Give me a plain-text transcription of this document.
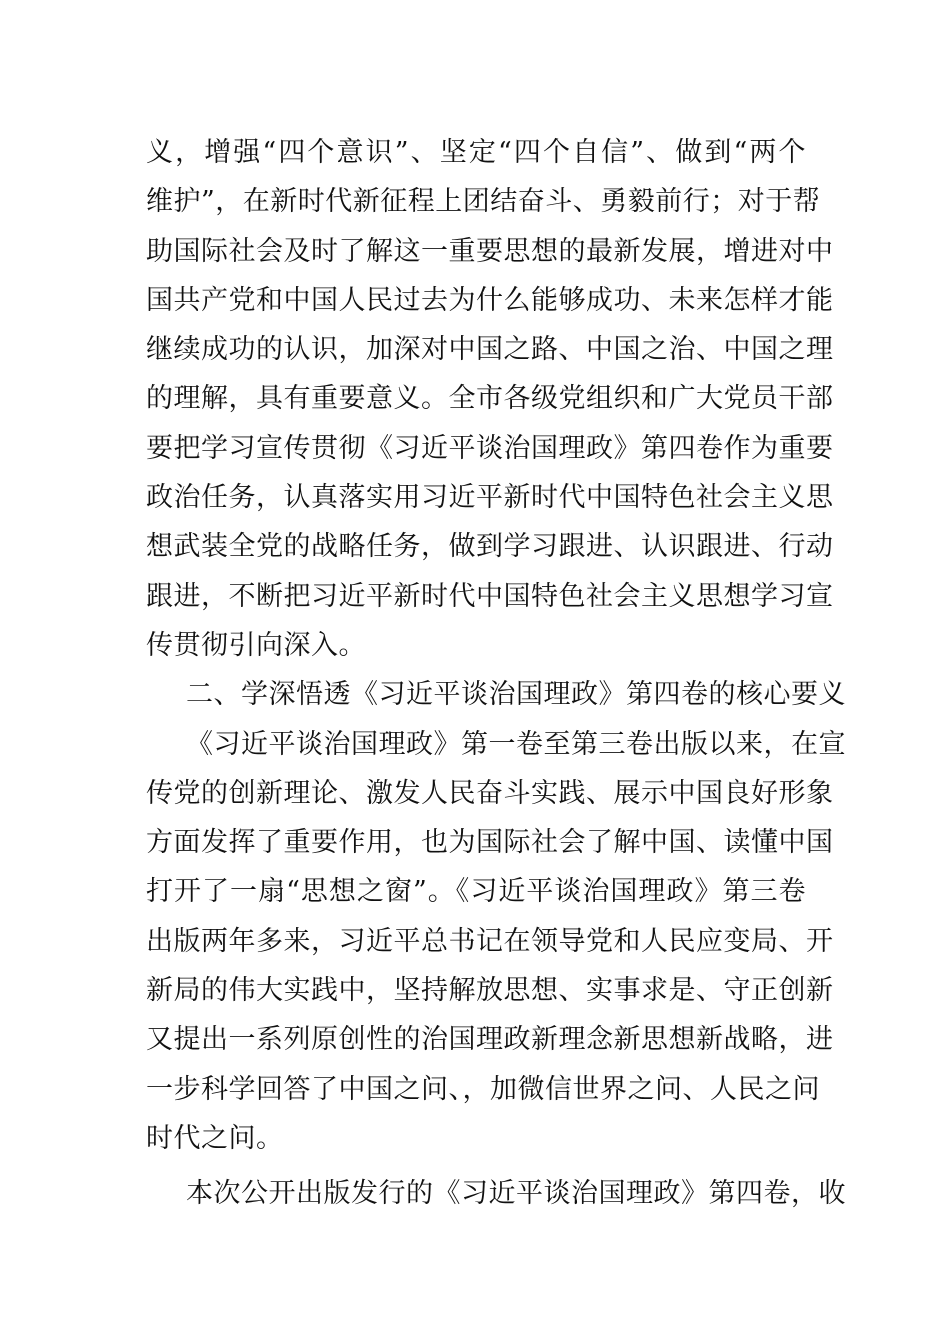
义，增强“四个意识”、坚定“四个自信”、做到“两个
维护”，在新时代新征程上团结奋斗、勇毅前行；对于帮
助国际社会及时了解这一重要思想的最新发展，增进对中
国共产党和中国人民过去为什么能够成功、未来怎样才能
继续成功的认识，加深对中国之路、中国之治、中国之理
的理解，具有重要意义。全市各级党组织和广大党员干部
要把学习宣传贯彻《习近平谈治国理政》第四卷作为重要
政治任务，认真落实用习近平新时代中国特色社会主义思
想武装全党的战略任务，做到学习跟进、认识跟进、行动
跟进，不断把习近平新时代中国特色社会主义思想学习宣
传贯彻引向深入。
二、学深悟透《习近平谈治国理政》第四卷的核心要义
《习近平谈治国理政》第一卷至第三卷出版以来，在宣
传党的创新理论、激发人民奋斗实践、展示中国良好形象
方面发挥了重要作用，也为国际社会了解中国、读懂中国
打开了一扇“思想之窗”。《习近平谈治国理政》第三卷
出版两年多来，习近平总书记在领导党和人民应变局、开
新局的伟大实践中，坚持解放思想、实事求是、守正创新
又提出一系列原创性的治国理政新理念新思想新战略，进
一步科学回答了中国之问、，加微信世界之问、人民之问
时代之问。
本次公开出版发行的《习近平谈治国理政》第四卷，收
